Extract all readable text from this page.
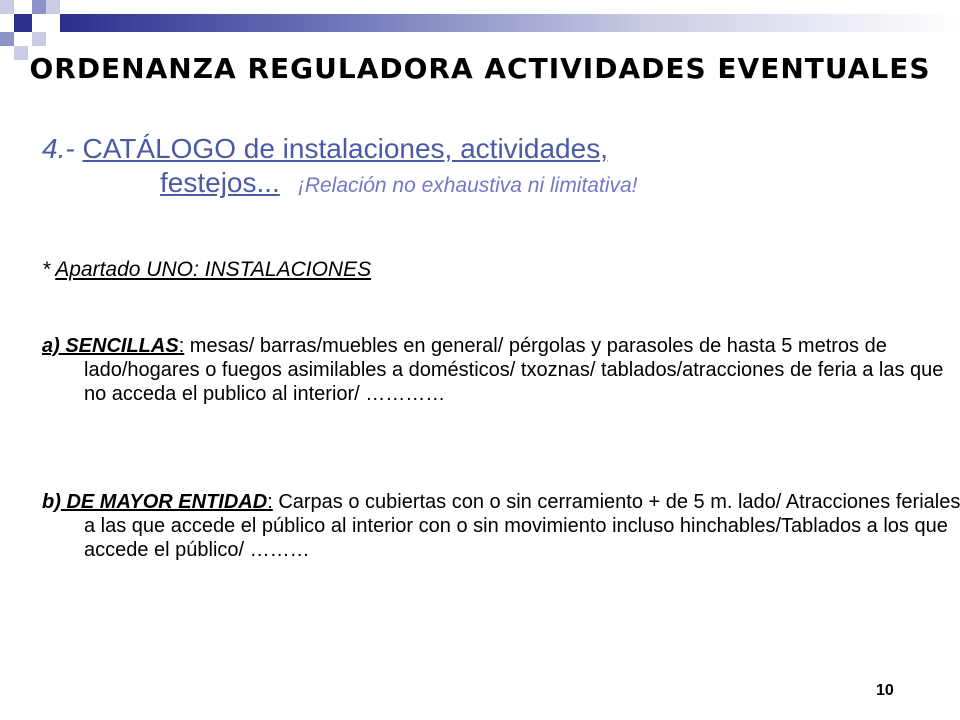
ORDENANZA REGULADORA ACTIVIDADES EVENTUALES
4.- CATÁLOGO de instalaciones, actividades,
festejos... ¡Relación no exhaustiva ni limitativa!
* Apartado UNO: INSTALACIONES
a) SENCILLAS: mesas/ barras/muebles en general/ pérgolas y parasoles de hasta 5 metros de lado/hogares o fuegos asimilables a domésticos/ txoznas/ tablados/atracciones de feria a las que no acceda el publico al interior/ …………
b) DE MAYOR ENTIDAD: Carpas o cubiertas con o sin cerramiento + de 5 m. lado/ Atracciones feriales a las que accede el público al interior con o sin movimiento incluso hinchables/Tablados a los que accede el público/ ………
10
